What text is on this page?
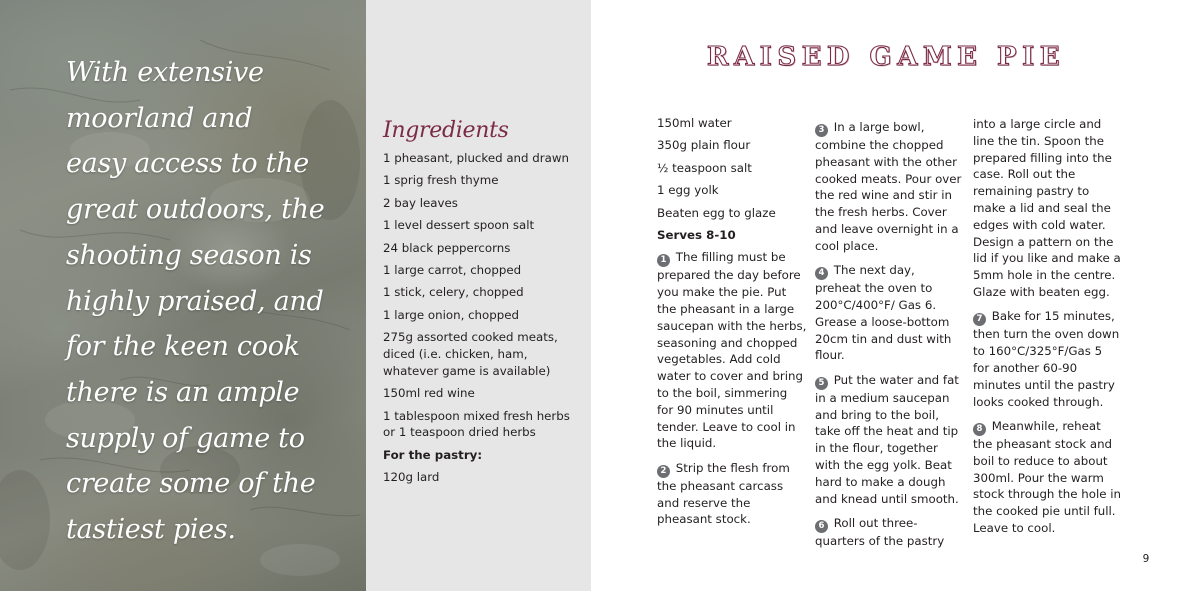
With extensive
moorland and
easy access to the
great outdoors, the
shooting season is
highly praised, and
for the keen cook
there is an ample
supply of game to
create some of the
tastiest pies.
Ingredients
1 pheasant, plucked and drawn
1 sprig fresh thyme
2 bay leaves
1 level dessert spoon salt
24 black peppercorns
1 large carrot, chopped
1 stick, celery, chopped
1 large onion, chopped
275g assorted cooked meats, diced (i.e. chicken, ham, whatever game is available)
150ml red wine
1 tablespoon mixed fresh herbs or 1 teaspoon dried herbs
For the pastry:
120g lard
RAISED GAME PIE

150ml water

350g plain flour

½ teaspoon salt

1 egg yolk

Beaten egg to glaze

Serves 8-10

1 The filling must be prepared the day before you make the pie. Put the pheasant in a large saucepan with the herbs, seasoning and chopped vegetables. Add cold water to cover and bring to the boil, simmering for 90 minutes until tender. Leave to cool in the liquid.

2 Strip the flesh from the pheasant carcass and reserve the pheasant stock.

3 In a large bowl, combine the chopped pheasant with the other cooked meats. Pour over the red wine and stir in the fresh herbs. Cover and leave overnight in a cool place.

4 The next day, preheat the oven to 200°C/400°F/ Gas 6. Grease a loose-bottom 20cm tin and dust with flour.

5 Put the water and fat in a medium saucepan and bring to the boil, take off the heat and tip in the flour, together with the egg yolk. Beat hard to make a dough and knead until smooth.

6 Roll out three-quarters of the pastry

into a large circle and line the tin. Spoon the prepared filling into the case. Roll out the remaining pastry to make a lid and seal the edges with cold water. Design a pattern on the lid if you like and make a 5mm hole in the centre. Glaze with beaten egg.

7 Bake for 15 minutes, then turn the oven down to 160°C/325°F/Gas 5 for another 60-90 minutes until the pastry looks cooked through.

8 Meanwhile, reheat the pheasant stock and boil to reduce to about 300ml. Pour the warm stock through the hole in the cooked pie until full. Leave to cool.

9
